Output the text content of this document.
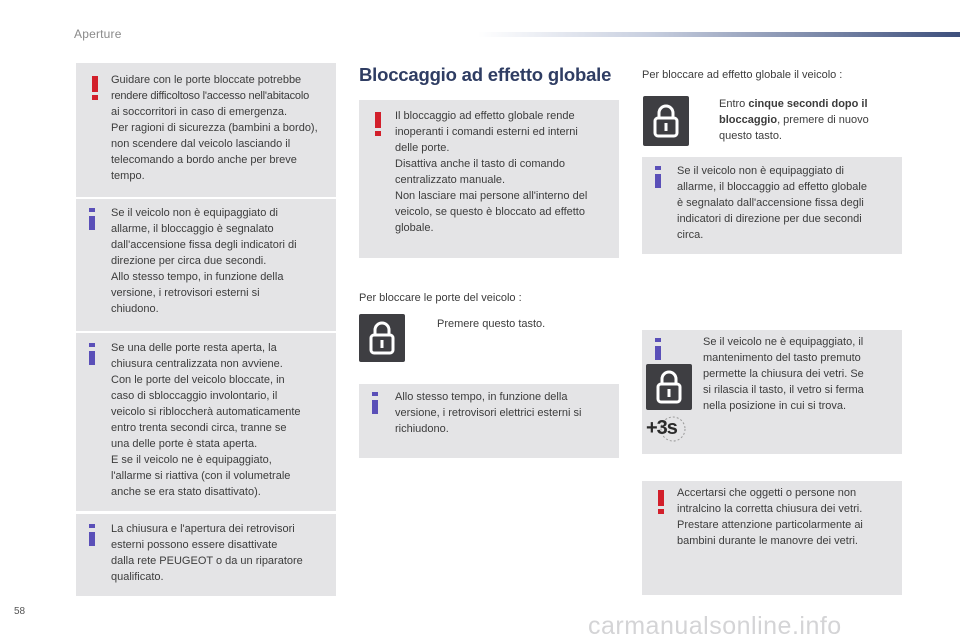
Aperture

Guidare con le porte bloccate potrebbe

rendere difficoltoso l'accesso nell'abitacolo

ai soccorritori in caso di emergenza.

Per ragioni di sicurezza (bambini a bordo),

non scendere dal veicolo lasciando il

telecomando a bordo anche per breve

tempo.

Se il veicolo non è equipaggiato di

allarme, il bloccaggio è segnalato

dall'accensione fissa degli indicatori di

direzione per circa due secondi.

Allo stesso tempo, in funzione della

versione, i retrovisori esterni si

chiudono.

Se una delle porte resta aperta, la

chiusura centralizzata non avviene.

Con le porte del veicolo bloccate, in

caso di sbloccaggio involontario, il

veicolo si ribloccherà automaticamente

entro trenta secondi circa, tranne se

una delle porte è stata aperta.

E se il veicolo ne è equipaggiato,

l'allarme si riattiva (con il volumetrale

anche se era stato disattivato).

La chiusura e l'apertura dei retrovisori

esterni possono essere disattivate

dalla rete PEUGEOT o da un riparatore

qualificato.

Bloccaggio ad effetto globale

Il bloccaggio ad effetto globale rende

inoperanti i comandi esterni ed interni

delle porte.

Disattiva anche il tasto di comando

centralizzato manuale.

Non lasciare mai persone all'interno del

veicolo, se questo è bloccato ad effetto

globale.

Per bloccare le porte del veicolo :
Premere questo tasto.

Allo stesso tempo, in funzione della

versione, i retrovisori elettrici esterni si

richiudono.

Per bloccare ad effetto globale il veicolo :
Entro cinque secondi dopo il
bloccaggio, premere di nuovo
questo tasto.

Se il veicolo non è equipaggiato di

allarme, il bloccaggio ad effetto globale

è segnalato dall'accensione fissa degli

indicatori di direzione per due secondi

circa.

Se il veicolo ne è equipaggiato, il

mantenimento del tasto premuto

permette la chiusura dei vetri. Se

si rilascia il tasto, il vetro si ferma

nella posizione in cui si trova.

+3s

Accertarsi che oggetti o persone non

intralcino la corretta chiusura dei vetri.

Prestare attenzione particolarmente ai

bambini durante le manovre dei vetri.

58
carmanualsonline.info
